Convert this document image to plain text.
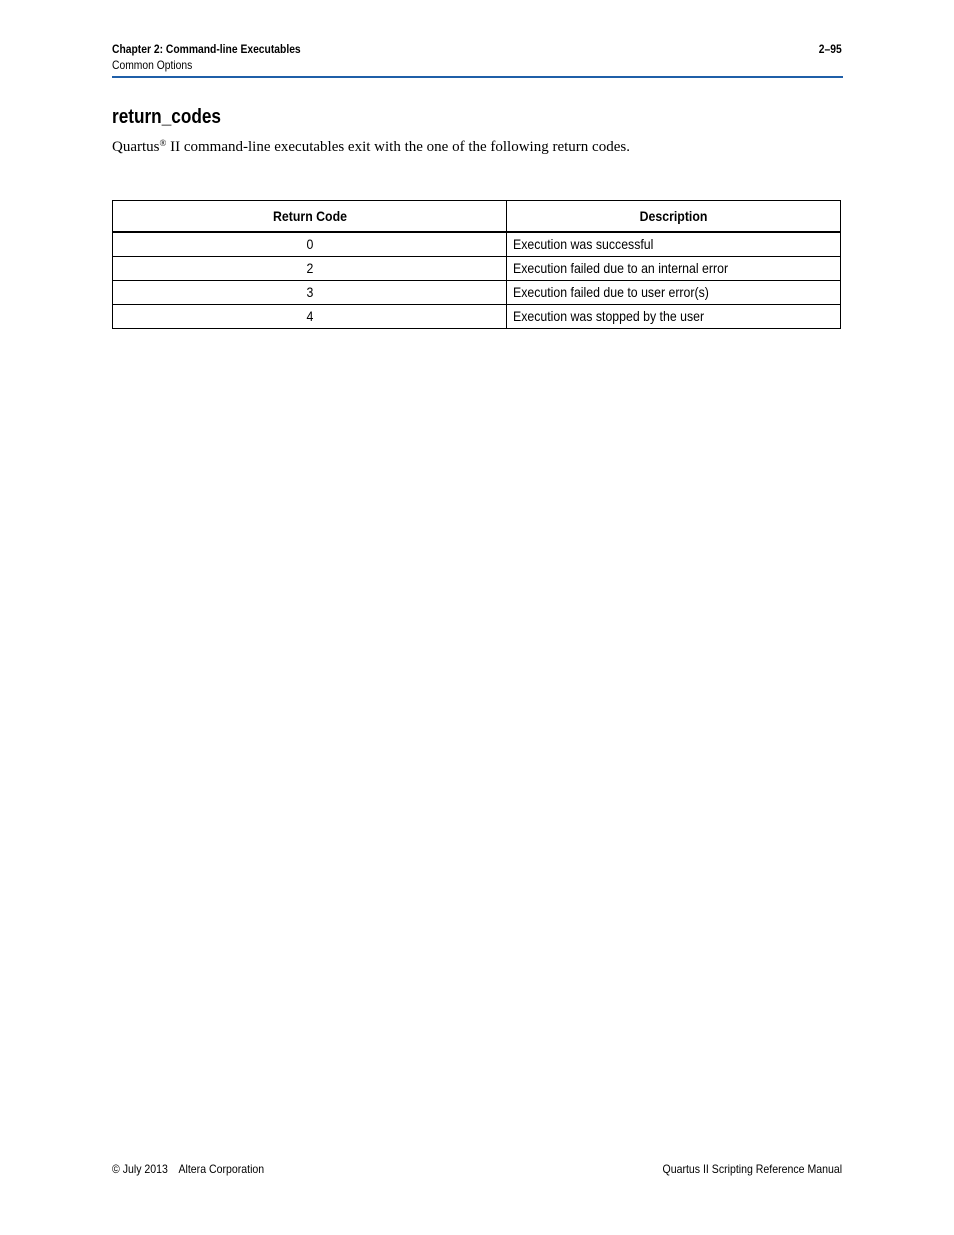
Chapter 2: Command-line Executables	2–95
Common Options
return_codes
Quartus® II command-line executables exit with the one of the following return codes.
Return Code	Description
0	Execution was successful
2	Execution failed due to an internal error
3	Execution failed due to user error(s)
4	Execution was stopped by the user
© July 2013 Altera Corporation	Quartus II Scripting Reference Manual
